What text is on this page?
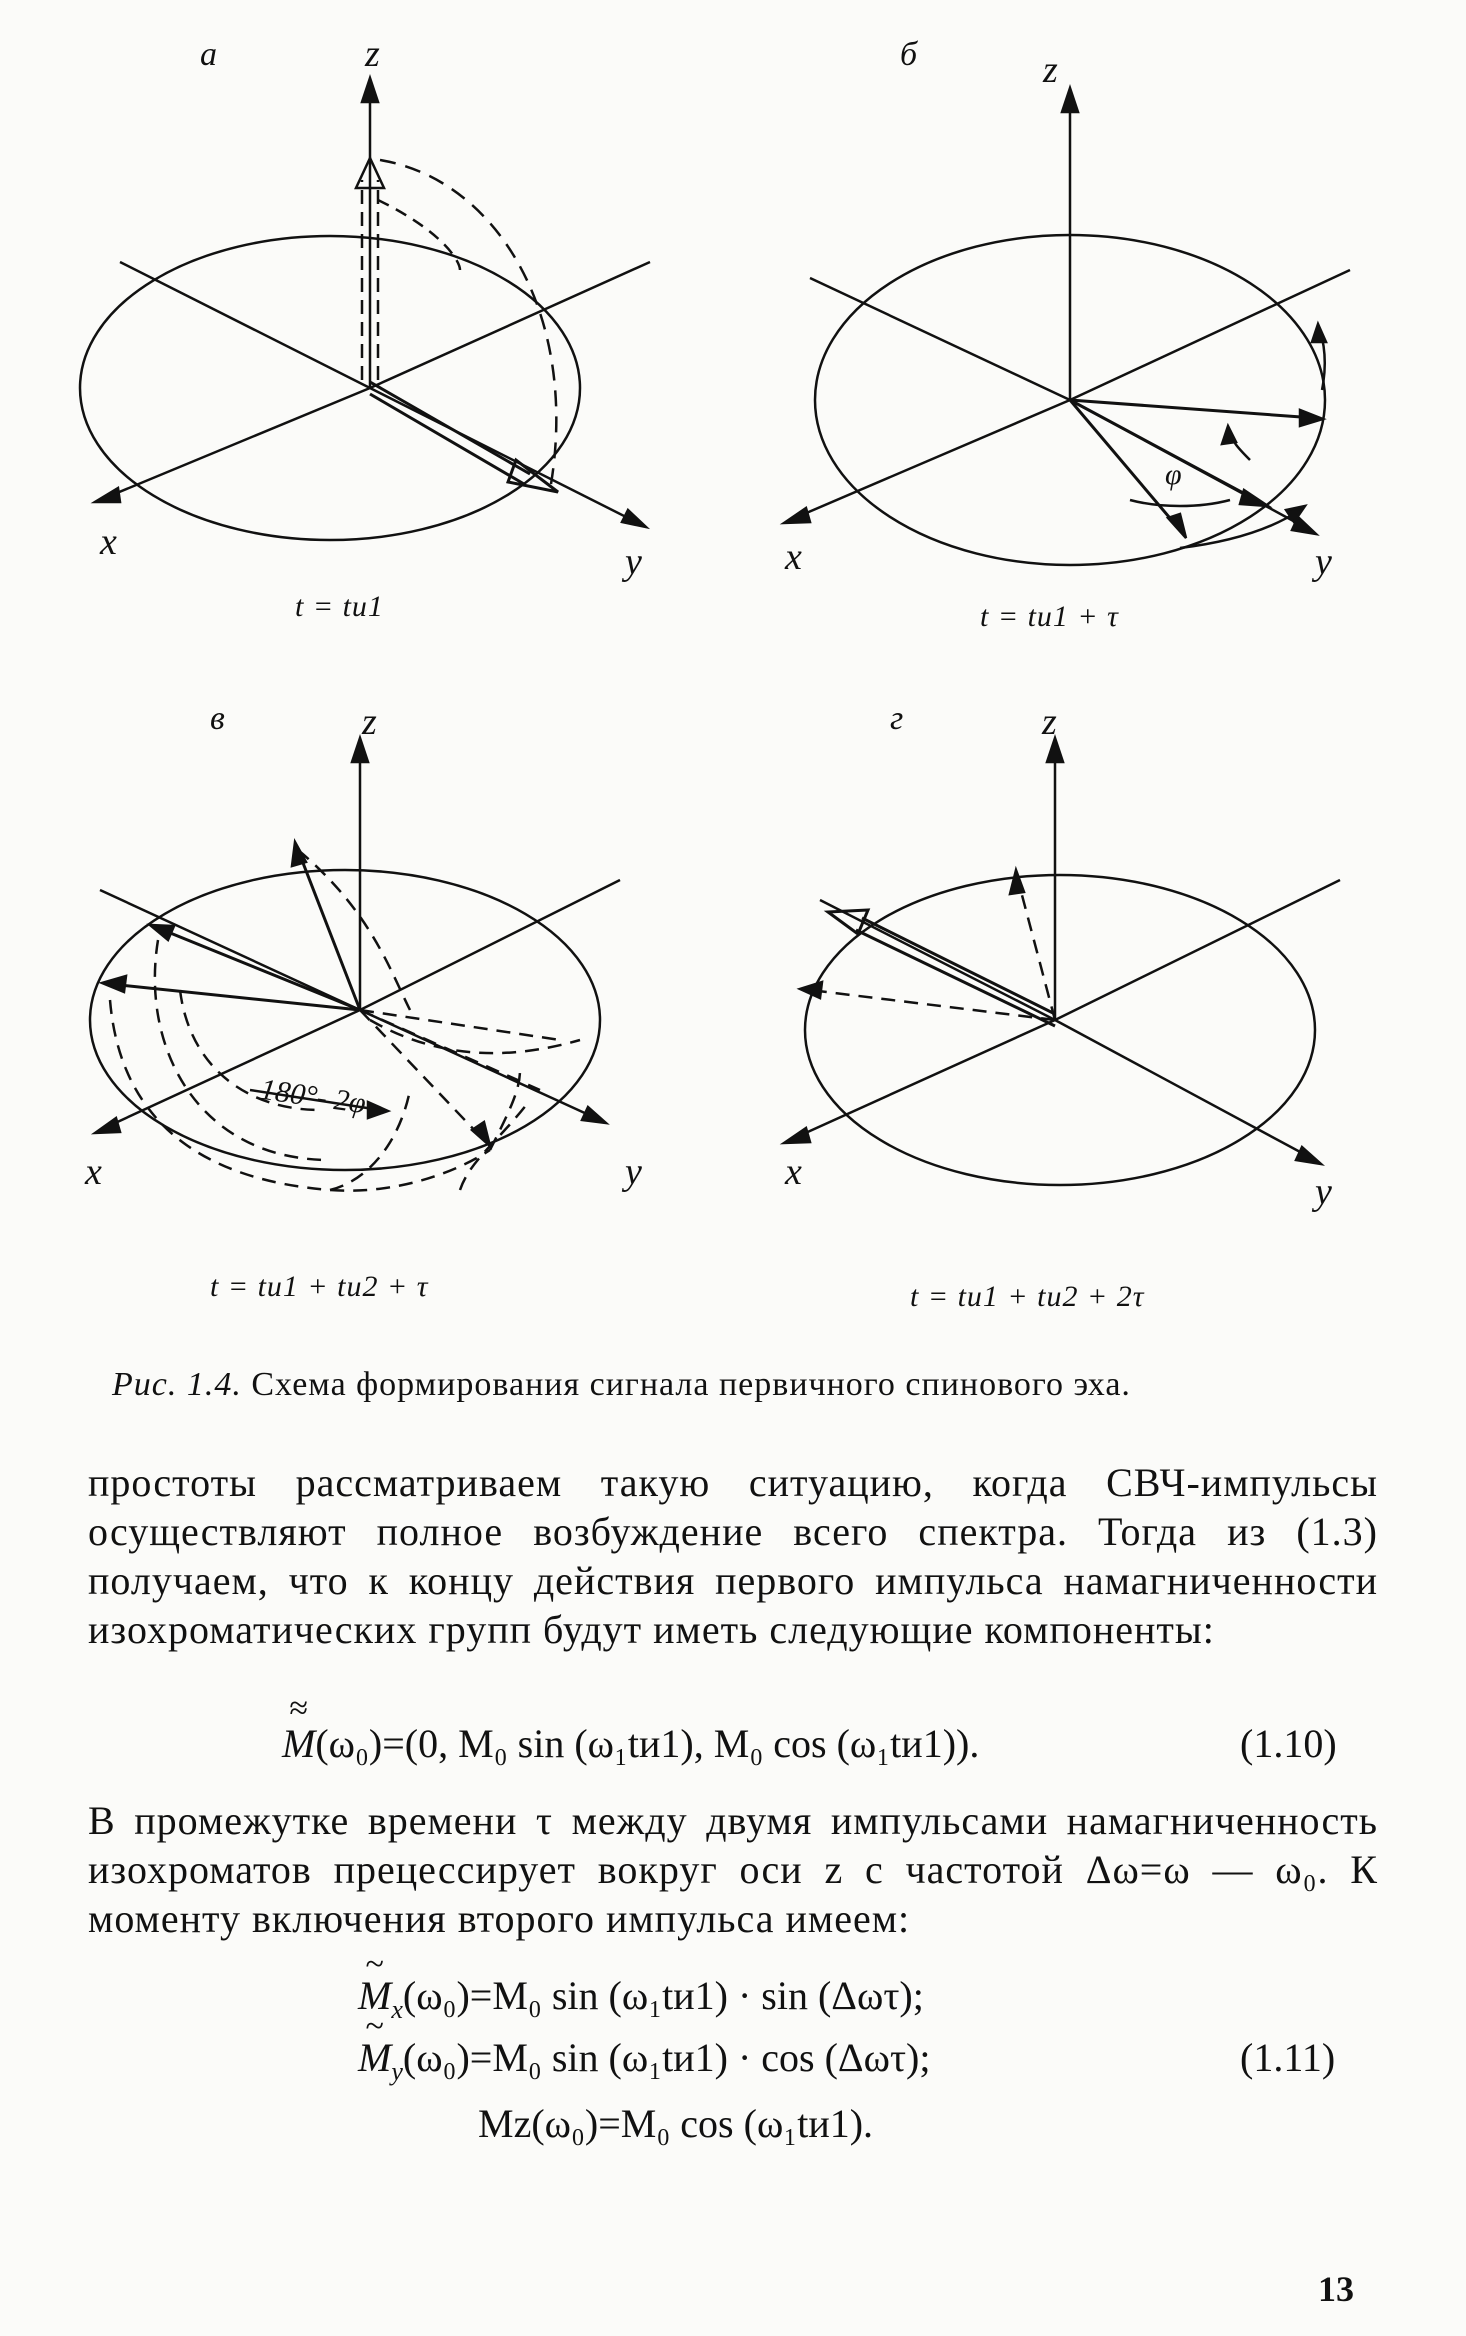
а	z
x	y
t = tи1
б	z
x	y
t = tи1 + τ
φ
в	z
x	y
t = tи1 + tи2 + τ
180°- 2φ
г	z
x	y
t = tи1 + tи2 + 2τ
Рис. 1.4. Схема формирования сигнала первичного спинового эха.
простоты рассматриваем такую ситуацию, когда СВЧ-импульсы осуществляют полное возбуждение всего спектра. Тогда из (1.3) получаем, что к концу действия первого импульса намагниченности изохроматических групп будут иметь следующие компоненты:
≈ M(ω₀)=(0, M₀ sin (ω₁tи1), M₀ cos (ω₁tи1)).	(1.10)
В промежутке времени τ между двумя импульсами намагниченность изохроматов прецессирует вокруг оси z с частотой Δω=ω — ω₀. К моменту включения второго импульса имеем:
~ $M_x(\omega_0)=M_0$ sin (ω₁tи1) · sin (Δωτ);
~ $M_y(\omega_0)=M_0$ sin (ω₁tи1) · cos (Δωτ);	(1.11)
Mz(ω₀)=M₀ cos (ω₁tи1).
13
